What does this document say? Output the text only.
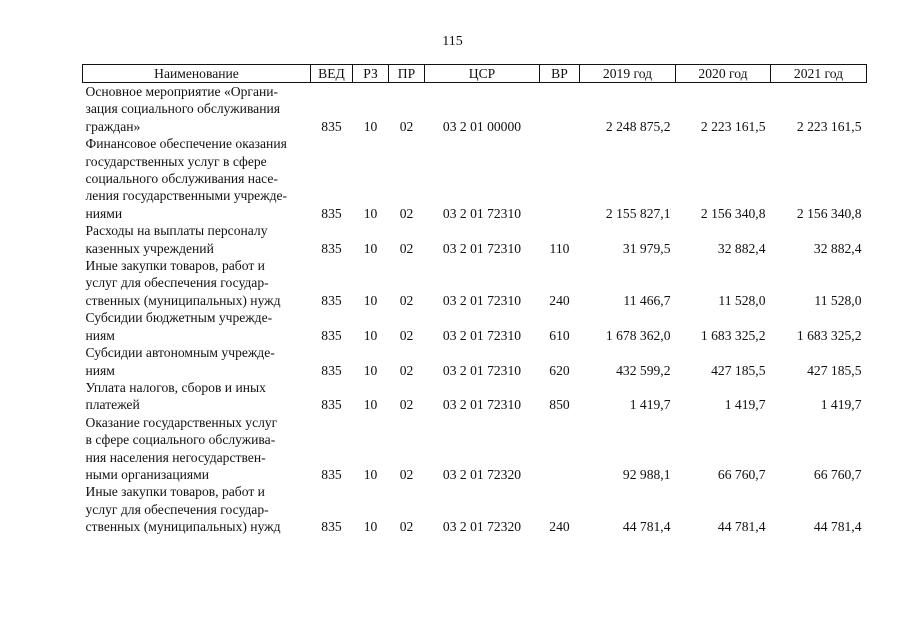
115
Наименование	ВЕД	РЗ	ПР	ЦСР	ВР	2019 год	2020 год	2021 год

Основное мероприятие «Органи-
зация социального обслуживания
граждан»	835	10	02	03 2 01 00000		2 248 875,2	2 223 161,5	2 223 161,5

Финансовое обеспечение оказания
государственных услуг в сфере
социального обслуживания насе-
ления государственными учрежде-
ниями	835	10	02	03 2 01 72310		2 155 827,1	2 156 340,8	2 156 340,8

Расходы на выплаты персоналу
казенных учреждений	835	10	02	03 2 01 72310	110	31 979,5	32 882,4	32 882,4

Иные закупки товаров, работ и
услуг для обеспечения государ-
ственных (муниципальных) нужд	835	10	02	03 2 01 72310	240	11 466,7	11 528,0	11 528,0

Субсидии бюджетным учрежде-
ниям	835	10	02	03 2 01 72310	610	1 678 362,0	1 683 325,2	1 683 325,2

Субсидии автономным учрежде-
ниям	835	10	02	03 2 01 72310	620	432 599,2	427 185,5	427 185,5

Уплата налогов, сборов и иных
платежей	835	10	02	03 2 01 72310	850	1 419,7	1 419,7	1 419,7

Оказание государственных услуг
в сфере социального обслужива-
ния населения негосударствен-
ными организациями	835	10	02	03 2 01 72320		92 988,1	66 760,7	66 760,7

Иные закупки товаров, работ и
услуг для обеспечения государ-
ственных (муниципальных) нужд	835	10	02	03 2 01 72320	240	44 781,4	44 781,4	44 781,4
